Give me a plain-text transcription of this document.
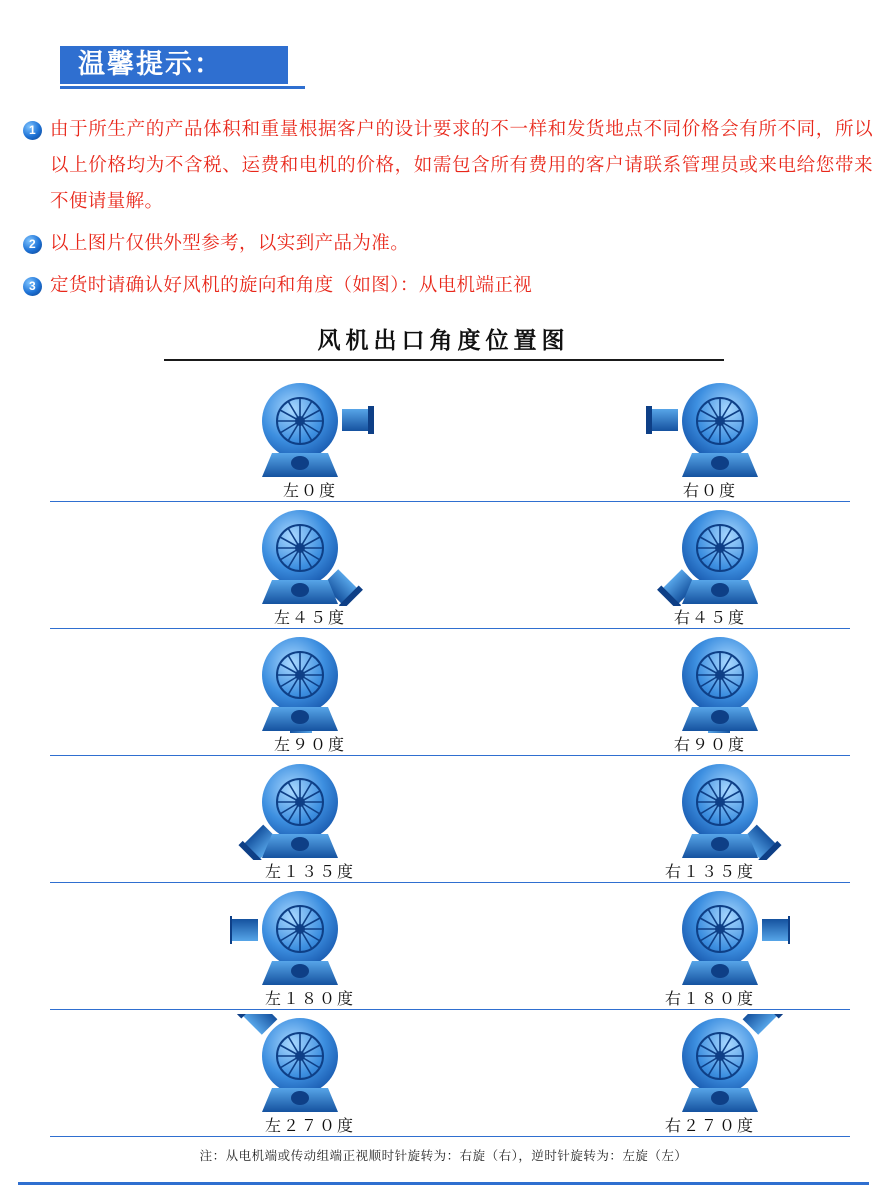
温馨提示：
1 由于所生产的产品体积和重量根据客户的设计要求的不一样和发货地点不同价格会有所不同，所以以上价格均为不含税、运费和电机的价格，如需包含所有费用的客户请联系管理员或来电给您带来不便请量解。
2 以上图片仅供外型参考，以实到产品为准。
3 定货时请确认好风机的旋向和角度（如图）：从电机端正视
风机出口角度位置图
左０度	右０度
左４５度	右４５度
左９０度	右９０度
左１３５度	右１３５度
左１８０度	右１８０度
左２７０度	右２７０度
注：从电机端或传动组端正视顺时针旋转为：右旋（右），逆时针旋转为：左旋（左）
